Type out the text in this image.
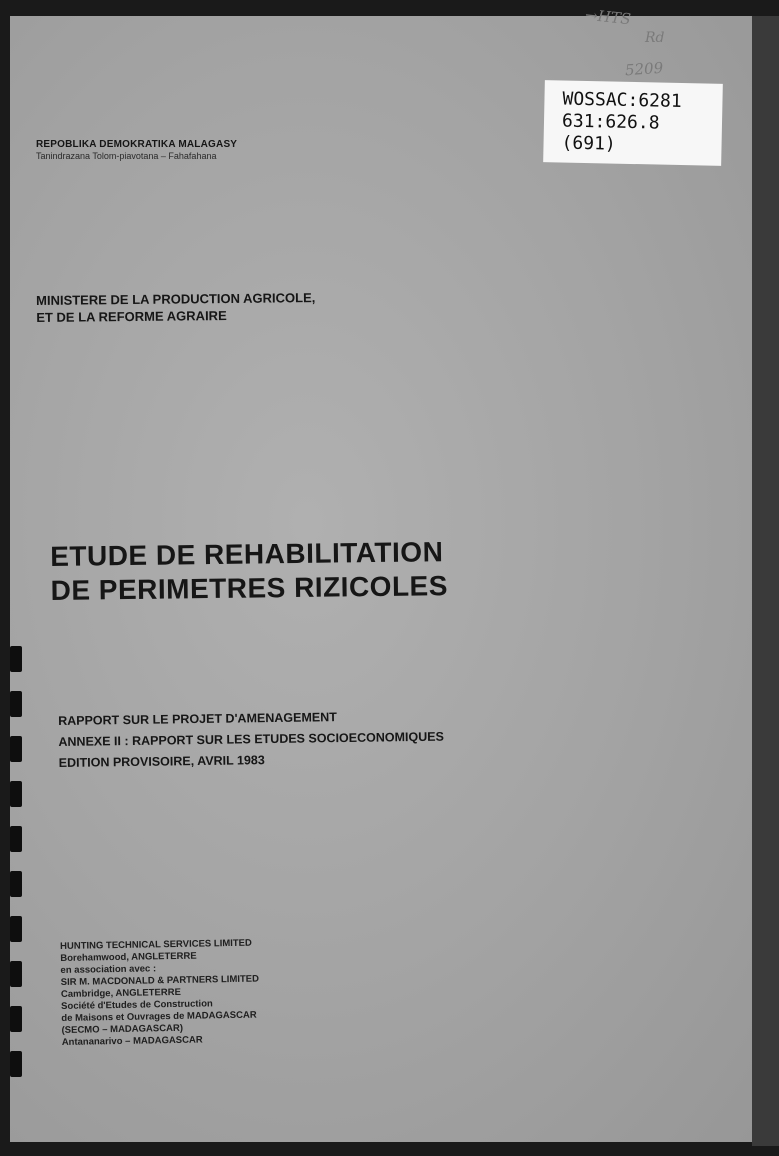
REPOBLIKA DEMOKRATIKA MALAGASY
Tanindrazana Tolom-piavotana – Fahafahana
MINISTERE DE LA PRODUCTION AGRICOLE,
ET DE LA REFORME AGRAIRE
ETUDE DE REHABILITATION
DE PERIMETRES RIZICOLES
RAPPORT SUR LE PROJET D'AMENAGEMENT
ANNEXE II : RAPPORT SUR LES ETUDES SOCIOECONOMIQUES
EDITION PROVISOIRE, AVRIL 1983
HUNTING TECHNICAL SERVICES LIMITED
Borehamwood, ANGLETERRE
en association avec :
SIR M. MACDONALD & PARTNERS LIMITED
Cambridge, ANGLETERRE
Société d'Etudes de Construction
de Maisons et Ouvrages de MADAGASCAR
(SECMO – MADAGASCAR)
Antananarivo – MADAGASCAR
→HTS
Rd
5209
WOSSAC:6281
631:626.8
(691)
